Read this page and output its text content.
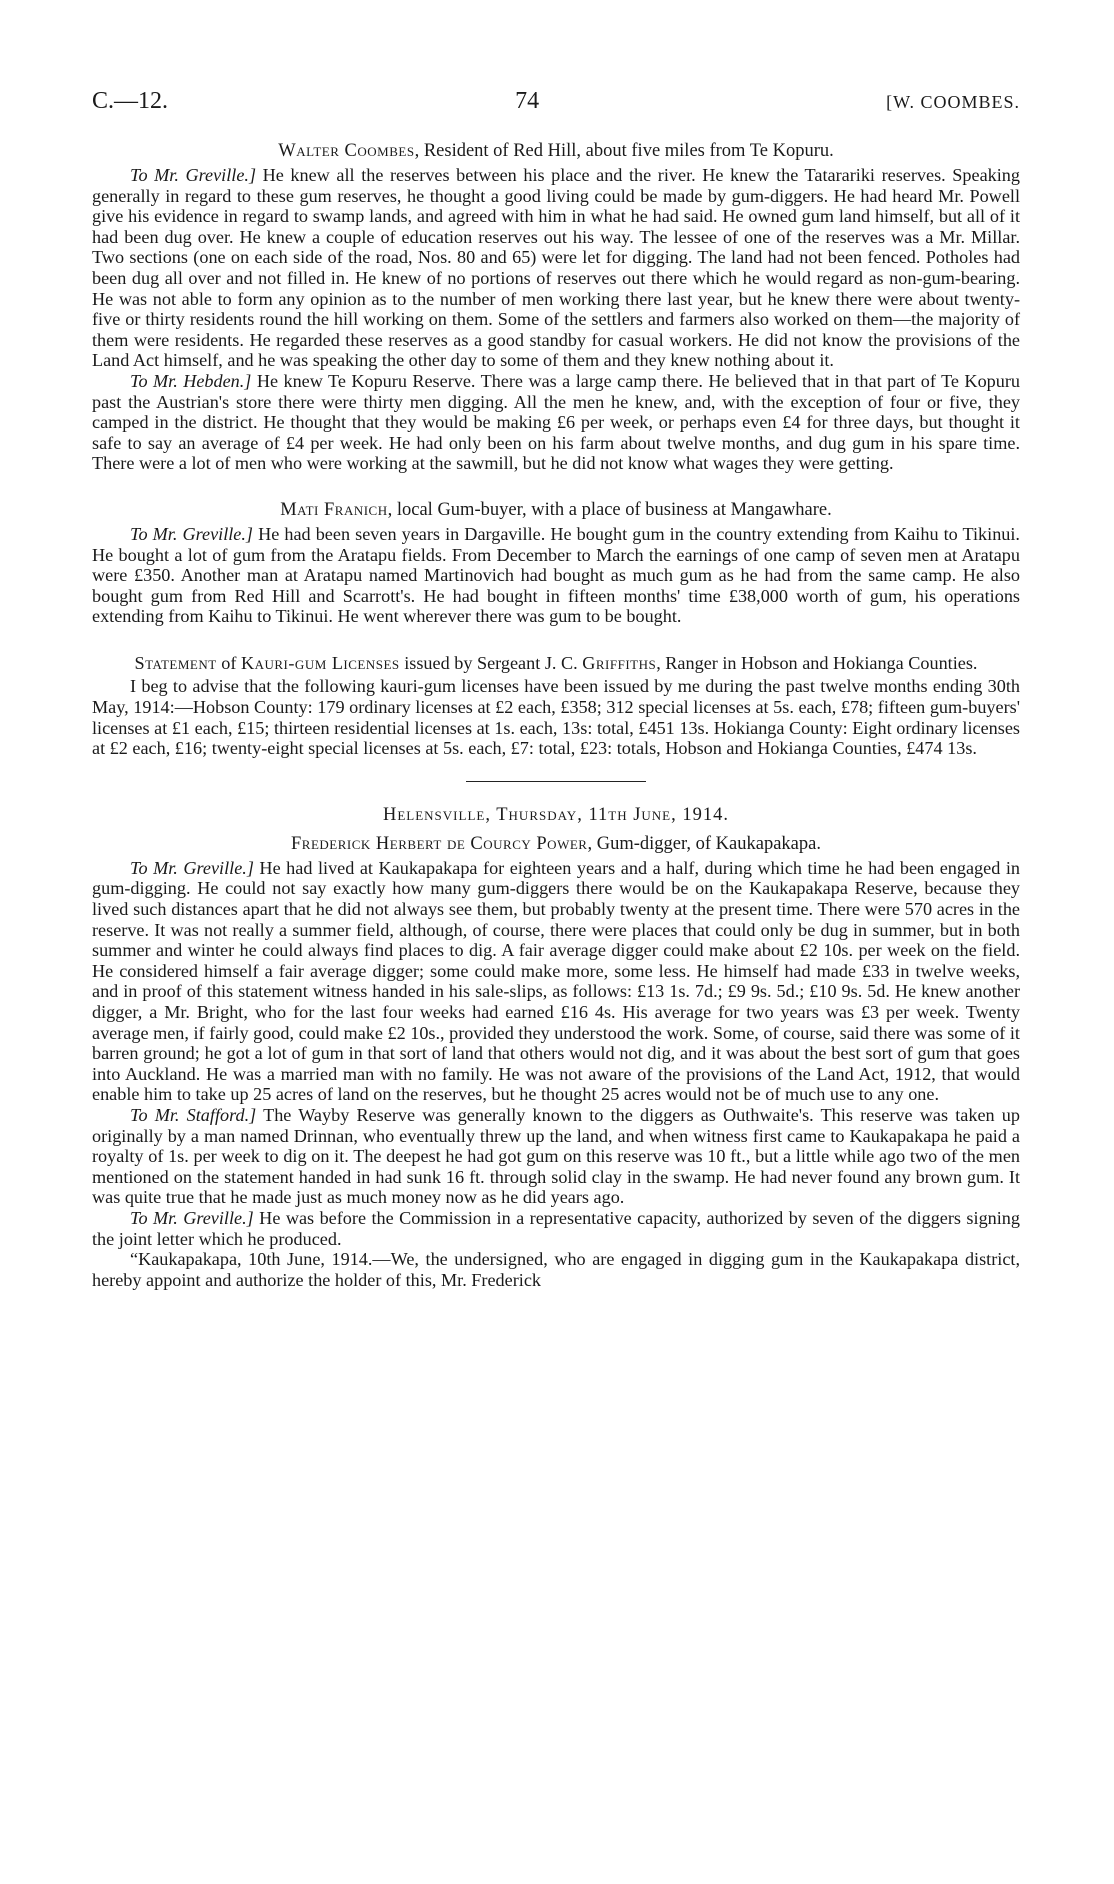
C.—12.	74	[W. COOMBES.
Walter Coombes, Resident of Red Hill, about five miles from Te Kopuru.

To Mr. Greville.] He knew all the reserves between his place and the river. He knew the Tatarariki reserves. Speaking generally in regard to these gum reserves, he thought a good living could be made by gum-diggers. He had heard Mr. Powell give his evidence in regard to swamp lands, and agreed with him in what he had said. He owned gum land himself, but all of it had been dug over. He knew a couple of education reserves out his way. The lessee of one of the reserves was a Mr. Millar. Two sections (one on each side of the road, Nos. 80 and 65) were let for digging. The land had not been fenced. Potholes had been dug all over and not filled in. He knew of no portions of reserves out there which he would regard as non-gum-bearing. He was not able to form any opinion as to the number of men working there last year, but he knew there were about twenty-five or thirty residents round the hill working on them. Some of the settlers and farmers also worked on them—the majority of them were residents. He regarded these reserves as a good standby for casual workers. He did not know the provisions of the Land Act himself, and he was speaking the other day to some of them and they knew nothing about it.

To Mr. Hebden.] He knew Te Kopuru Reserve. There was a large camp there. He believed that in that part of Te Kopuru past the Austrian's store there were thirty men digging. All the men he knew, and, with the exception of four or five, they camped in the district. He thought that they would be making £6 per week, or perhaps even £4 for three days, but thought it safe to say an average of £4 per week. He had only been on his farm about twelve months, and dug gum in his spare time. There were a lot of men who were working at the sawmill, but he did not know what wages they were getting.

Mati Franich, local Gum-buyer, with a place of business at Mangawhare.

To Mr. Greville.] He had been seven years in Dargaville. He bought gum in the country extending from Kaihu to Tikinui. He bought a lot of gum from the Aratapu fields. From December to March the earnings of one camp of seven men at Aratapu were £350. Another man at Aratapu named Martinovich had bought as much gum as he had from the same camp. He also bought gum from Red Hill and Scarrott's. He had bought in fifteen months' time £38,000 worth of gum, his operations extending from Kaihu to Tikinui. He went wherever there was gum to be bought.

Statement of Kauri-gum Licenses issued by Sergeant J. C. Griffiths, Ranger in Hobson and Hokianga Counties.

I beg to advise that the following kauri-gum licenses have been issued by me during the past twelve months ending 30th May, 1914:—Hobson County: 179 ordinary licenses at £2 each, £358; 312 special licenses at 5s. each, £78; fifteen gum-buyers' licenses at £1 each, £15; thirteen residential licenses at 1s. each, 13s: total, £451 13s. Hokianga County: Eight ordinary licenses at £2 each, £16; twenty-eight special licenses at 5s. each, £7: total, £23: totals, Hobson and Hokianga Counties, £474 13s.

Helensville, Thursday, 11th June, 1914.
Frederick Herbert de Courcy Power, Gum-digger, of Kaukapakapa.

To Mr. Greville.] He had lived at Kaukapakapa for eighteen years and a half, during which time he had been engaged in gum-digging. He could not say exactly how many gum-diggers there would be on the Kaukapakapa Reserve, because they lived such distances apart that he did not always see them, but probably twenty at the present time. There were 570 acres in the reserve. It was not really a summer field, although, of course, there were places that could only be dug in summer, but in both summer and winter he could always find places to dig. A fair average digger could make about £2 10s. per week on the field. He considered himself a fair average digger; some could make more, some less. He himself had made £33 in twelve weeks, and in proof of this statement witness handed in his sale-slips, as follows: £13 1s. 7d.; £9 9s. 5d.; £10 9s. 5d. He knew another digger, a Mr. Bright, who for the last four weeks had earned £16 4s. His average for two years was £3 per week. Twenty average men, if fairly good, could make £2 10s., provided they understood the work. Some, of course, said there was some of it barren ground; he got a lot of gum in that sort of land that others would not dig, and it was about the best sort of gum that goes into Auckland. He was a married man with no family. He was not aware of the provisions of the Land Act, 1912, that would enable him to take up 25 acres of land on the reserves, but he thought 25 acres would not be of much use to any one.

To Mr. Stafford.] The Wayby Reserve was generally known to the diggers as Outhwaite's. This reserve was taken up originally by a man named Drinnan, who eventually threw up the land, and when witness first came to Kaukapakapa he paid a royalty of 1s. per week to dig on it. The deepest he had got gum on this reserve was 10 ft., but a little while ago two of the men mentioned on the statement handed in had sunk 16 ft. through solid clay in the swamp. He had never found any brown gum. It was quite true that he made just as much money now as he did years ago.

To Mr. Greville.] He was before the Commission in a representative capacity, authorized by seven of the diggers signing the joint letter which he produced.

“Kaukapakapa, 10th June, 1914.—We, the undersigned, who are engaged in digging gum in the Kaukapakapa district, hereby appoint and authorize the holder of this, Mr. Frederick
